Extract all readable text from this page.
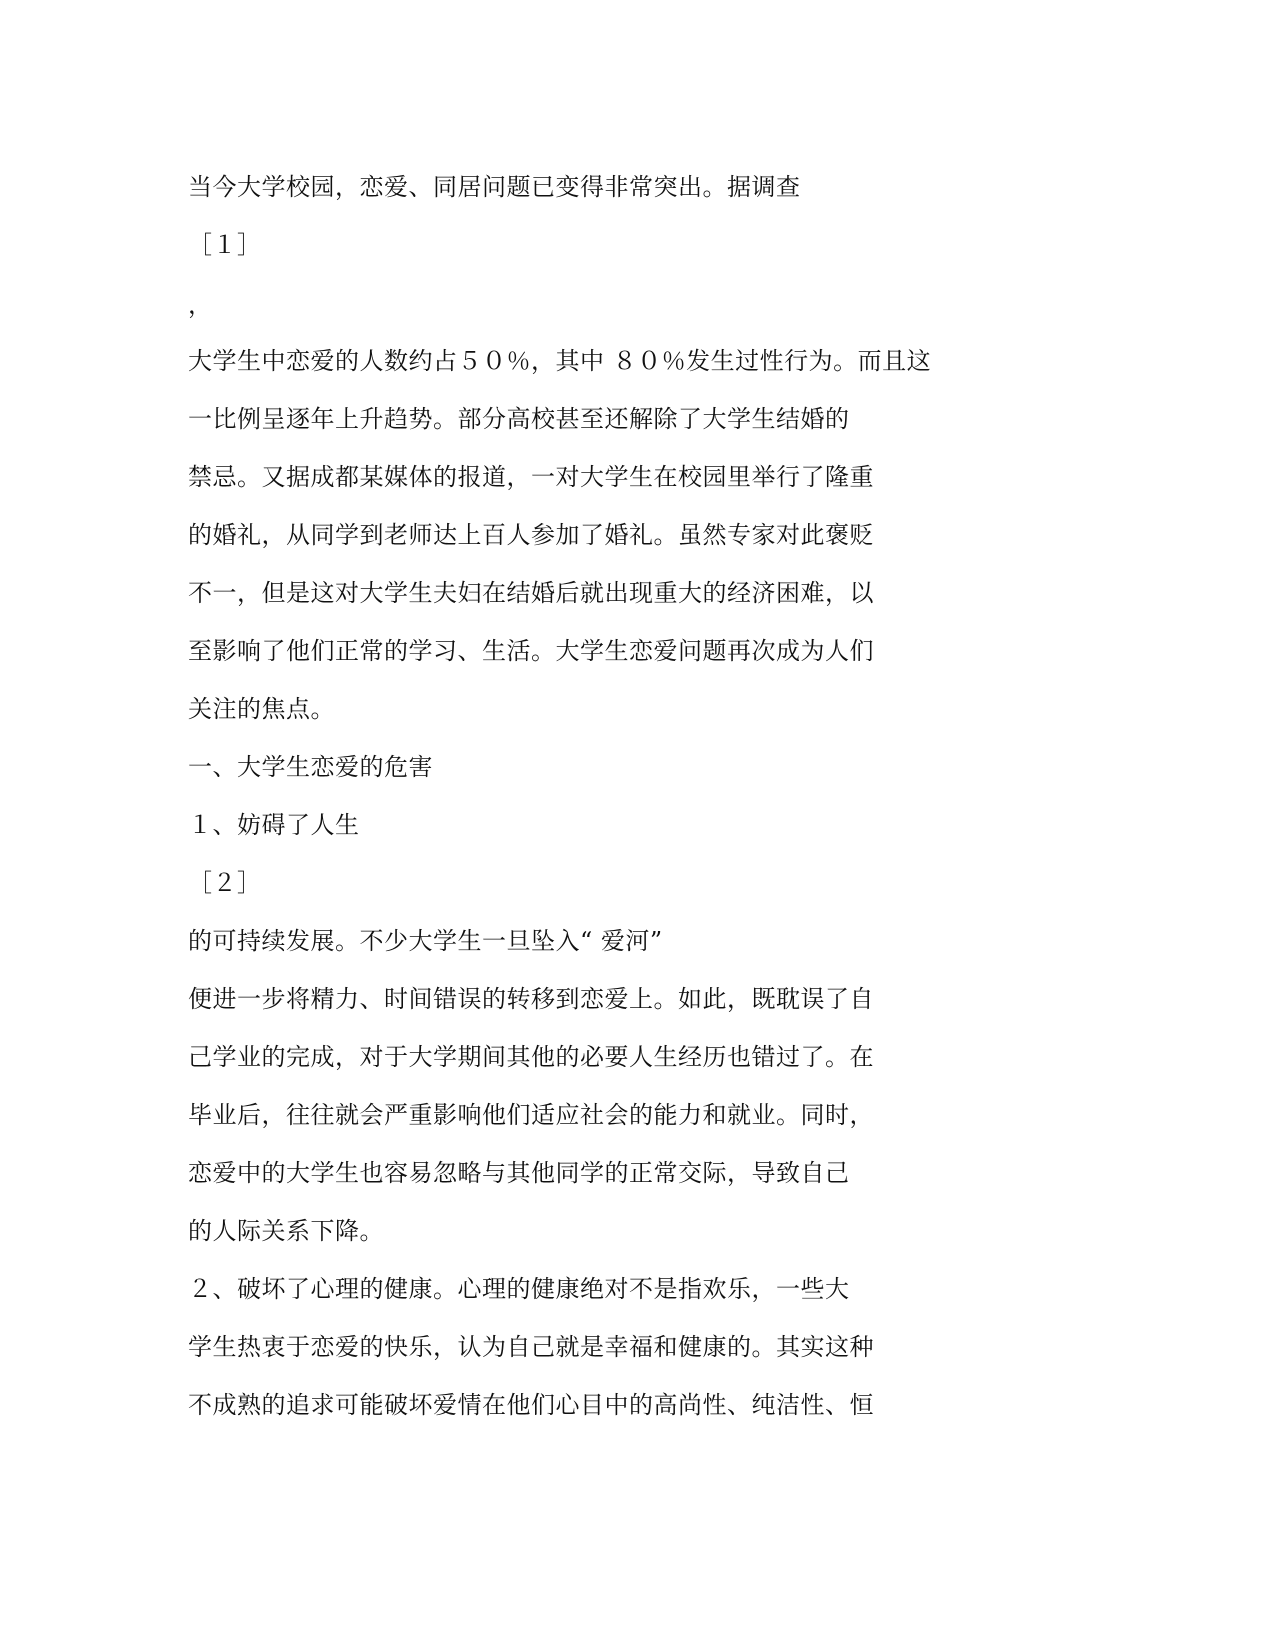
当今大学校园，恋爱、同居问题已变得非常突出。据调查

［１］

，

大学生中恋爱的人数约占５０％，其中 ８０％发生过性行为。而且这

一比例呈逐年上升趋势。部分高校甚至还解除了大学生结婚的

禁忌。又据成都某媒体的报道，一对大学生在校园里举行了隆重

的婚礼，从同学到老师达上百人参加了婚礼。虽然专家对此褒贬

不一，但是这对大学生夫妇在结婚后就出现重大的经济困难，以

至影响了他们正常的学习、生活。大学生恋爱问题再次成为人们

关注的焦点。

一、大学生恋爱的危害

１、妨碍了人生

［２］

的可持续发展。不少大学生一旦坠入“ 爱河”

便进一步将精力、时间错误的转移到恋爱上。如此，既耽误了自

己学业的完成，对于大学期间其他的必要人生经历也错过了。在

毕业后，往往就会严重影响他们适应社会的能力和就业。同时，

恋爱中的大学生也容易忽略与其他同学的正常交际，导致自己

的人际关系下降。

２、破坏了心理的健康。心理的健康绝对不是指欢乐，一些大

学生热衷于恋爱的快乐，认为自己就是幸福和健康的。其实这种

不成熟的追求可能破坏爱情在他们心目中的高尚性、纯洁性、恒
